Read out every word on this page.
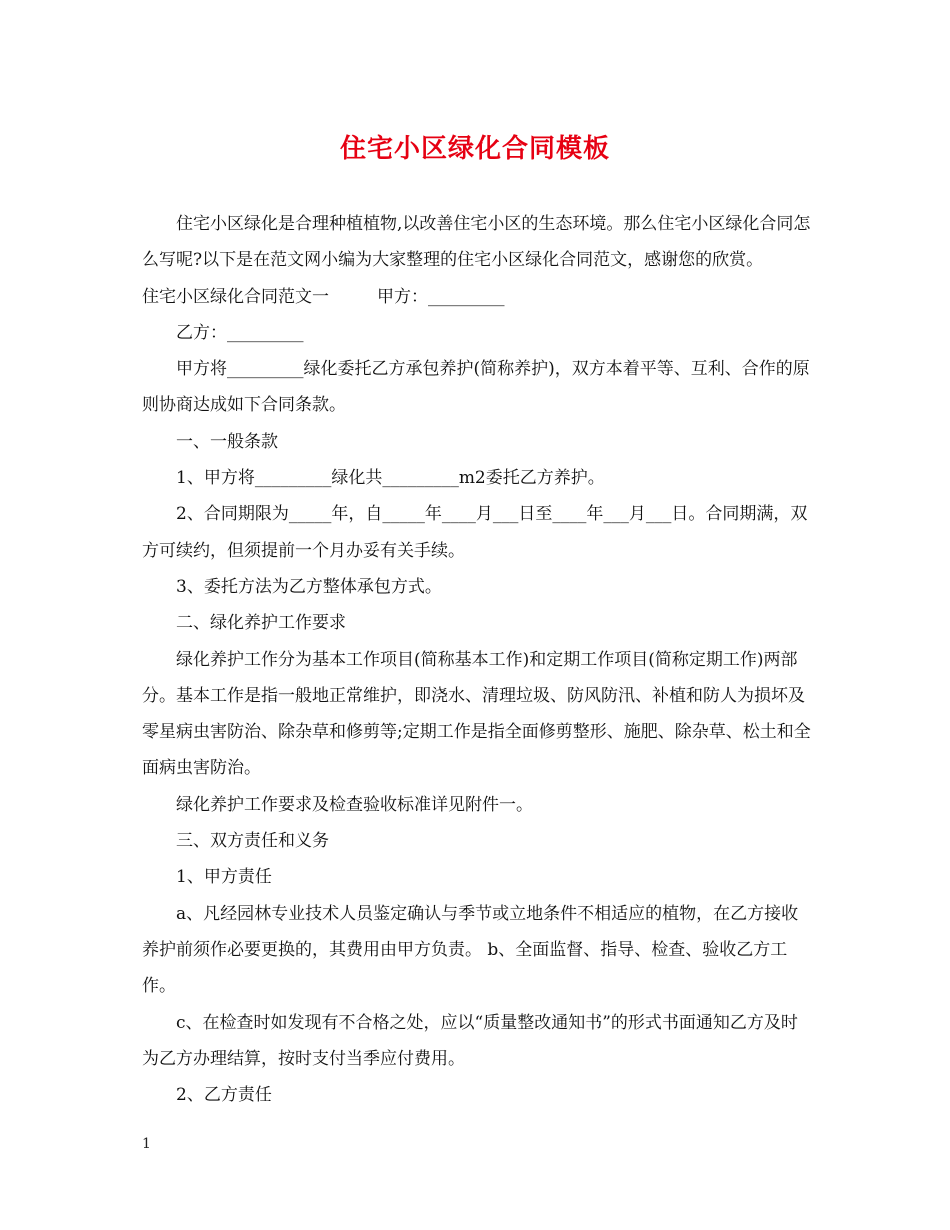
住宅小区绿化合同模板

住宅小区绿化是合理种植植物,以改善住宅小区的生态环境。那么住宅小区绿化合同怎么写呢?以下是在范文网小编为大家整理的住宅小区绿化合同范文，感谢您的欣赏。

住宅小区绿化合同范文一	甲方：_________

乙方：_________

甲方将_________绿化委托乙方承包养护(简称养护)，双方本着平等、互利、合作的原则协商达成如下合同条款。

一、一般条款

1、甲方将_________绿化共_________m2委托乙方养护。

2、合同期限为_____年，自_____年____月___日至____年___月___日。合同期满，双方可续约，但须提前一个月办妥有关手续。

3、委托方法为乙方整体承包方式。

二、绿化养护工作要求

绿化养护工作分为基本工作项目(简称基本工作)和定期工作项目(简称定期工作)两部分。基本工作是指一般地正常维护，即浇水、清理垃圾、防风防汛、补植和防人为损坏及零星病虫害防治、除杂草和修剪等;定期工作是指全面修剪整形、施肥、除杂草、松土和全面病虫害防治。

绿化养护工作要求及检查验收标准详见附件一。

三、双方责任和义务

1、甲方责任

a、凡经园林专业技术人员鉴定确认与季节或立地条件不相适应的植物，在乙方接收养护前须作必要更换的，其费用由甲方负责。 b、全面监督、指导、检查、验收乙方工作。

c、在检查时如发现有不合格之处，应以“质量整改通知书”的形式书面通知乙方及时为乙方办理结算，按时支付当季应付费用。

2、乙方责任

1
